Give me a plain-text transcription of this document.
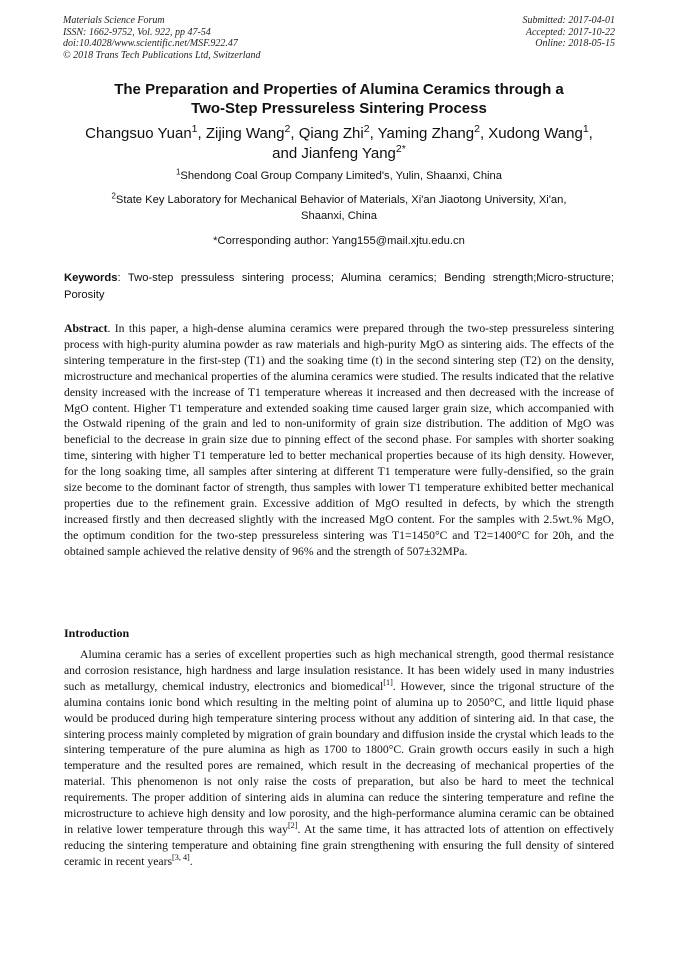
Materials Science Forum
ISSN: 1662-9752, Vol. 922, pp 47-54
doi:10.4028/www.scientific.net/MSF.922.47
© 2018 Trans Tech Publications Ltd, Switzerland
Submitted: 2017-04-01
Accepted: 2017-10-22
Online: 2018-05-15
The Preparation and Properties of Alumina Ceramics through a
Two-Step Pressureless Sintering Process
Changsuo Yuan$^1$, Zijing Wang$^2$, Qiang Zhi$^2$, Yaming Zhang$^2$, Xudong Wang$^1$,
and Jianfeng Yang$^{2*}$
$^1$Shendong Coal Group Company Limited's, Yulin, Shaanxi, China
$^2$State Key Laboratory for Mechanical Behavior of Materials, Xi'an Jiaotong University, Xi'an,
Shaanxi, China
*Corresponding author: Yang155@mail.xjtu.edu.cn
Keywords: Two-step pressuless sintering process; Alumina ceramics; Bending strength;Micro-structure; Porosity

Abstract. In this paper, a high-dense alumina ceramics were prepared through the two-step pressureless sintering process with high-purity alumina powder as raw materials and high-purity MgO as sintering aids. The effects of the sintering temperature in the first-step (T1) and the soaking time (t) in the second sintering step (T2) on the density, microstructure and mechanical properties of the alumina ceramics were studied. The results indicated that the relative density increased with the increase of T1 temperature whereas it increased and then decreased with the increase of MgO content. Higher T1 temperature and extended soaking time caused larger grain size, which accompanied with the Ostwald ripening of the grain and led to non-uniformity of grain size distribution. The addition of MgO was beneficial to the decrease in grain size due to pinning effect of the second phase. For samples with shorter soaking time, sintering with higher T1 temperature led to better mechanical properties because of its high density. However, for the long soaking time, all samples after sintering at different T1 temperature were fully-densified, so the grain size become to the dominant factor of strength, thus samples with lower T1 temperature exhibited better mechanical properties due to the refinement grain. Excessive addition of MgO resulted in defects, by which the strength increased firstly and then decreased slightly with the increased MgO content. For the samples with 2.5wt.% MgO, the optimum condition for the two-step pressureless sintering was T1=1450°C and T2=1400°C for 20h, and the obtained sample achieved the relative density of 96% and the strength of 507±32MPa.

Introduction

Alumina ceramic has a series of excellent properties such as high mechanical strength, good thermal resistance and corrosion resistance, high hardness and large insulation resistance. It has been widely used in many industries such as metallurgy, chemical industry, electronics and biomedical[1]. However, since the trigonal structure of the alumina contains ionic bond which resulting in the melting point of alumina up to 2050°C, and little liquid phase would be produced during high temperature sintering process without any addition of sintering aid. In that case, the sintering process mainly completed by migration of grain boundary and diffusion inside the crystal which leads to the sintering temperature of the pure alumina as high as 1700 to 1800°C. Grain growth occurs easily in such a high temperature and the resulted pores are remained, which result in the decreasing of mechanical properties of the material. This phenomenon is not only raise the costs of preparation, but also be hard to meet the technical requirements. The proper addition of sintering aids in alumina can reduce the sintering temperature and refine the microstructure to achieve high density and low porosity, and the high-performance alumina ceramic can be obtained in relative lower temperature through this way[2]. At the same time, it has attracted lots of attention on effectively reducing the sintering temperature and obtaining fine grain strengthening with ensuring the full density of sintered ceramic in recent years[3, 4].
